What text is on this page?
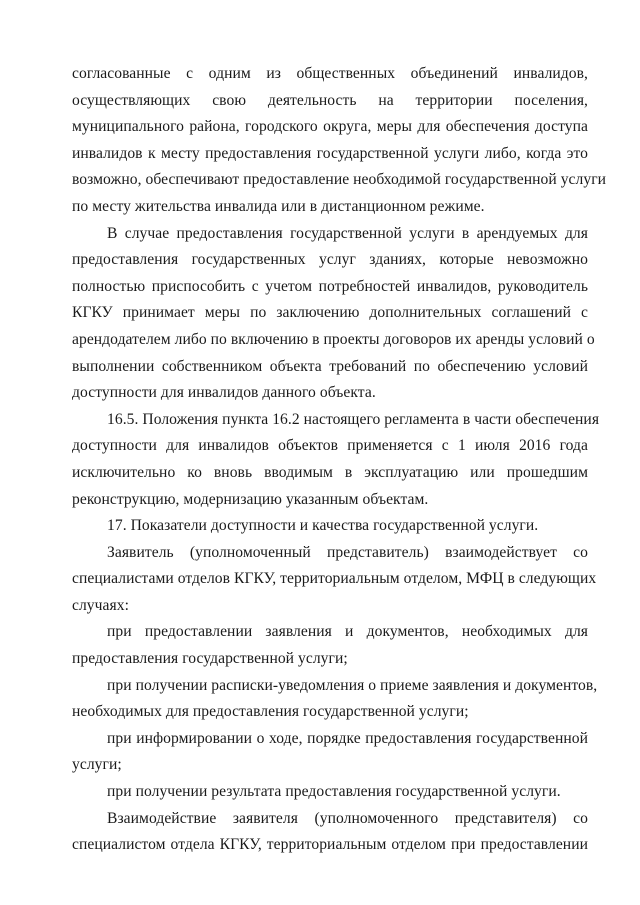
согласованные с одним из общественных объединений инвалидов,
осуществляющих свою деятельность на территории поселения,
муниципального района, городского округа, меры для обеспечения доступа
инвалидов к месту предоставления государственной услуги либо, когда это
возможно, обеспечивают предоставление необходимой государственной услуги
по месту жительства инвалида или в дистанционном режиме.
В случае предоставления государственной услуги в арендуемых для
предоставления государственных услуг зданиях, которые невозможно
полностью приспособить с учетом потребностей инвалидов, руководитель
КГКУ принимает меры по заключению дополнительных соглашений с
арендодателем либо по включению в проекты договоров их аренды условий о
выполнении собственником объекта требований по обеспечению условий
доступности для инвалидов данного объекта.
16.5. Положения пункта 16.2 настоящего регламента в части обеспечения
доступности для инвалидов объектов применяется с 1 июля 2016 года
исключительно ко вновь вводимым в эксплуатацию или прошедшим
реконструкцию, модернизацию указанным объектам.
17. Показатели доступности и качества государственной услуги.
Заявитель (уполномоченный представитель) взаимодействует со
специалистами отделов КГКУ, территориальным отделом, МФЦ в следующих
случаях:
при предоставлении заявления и документов, необходимых для
предоставления государственной услуги;
при получении расписки-уведомления о приеме заявления и документов,
необходимых для предоставления государственной услуги;
при информировании о ходе, порядке предоставления государственной
услуги;
при получении результата предоставления государственной услуги.
Взаимодействие заявителя (уполномоченного представителя) со
специалистом отдела КГКУ, территориальным отделом при предоставлении
